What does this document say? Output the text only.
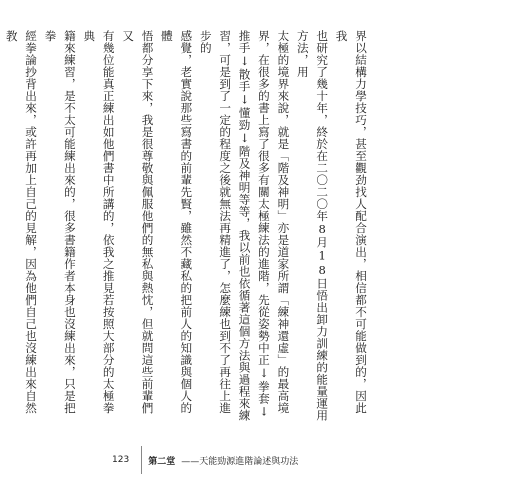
界以結構力學技巧，甚至觀劲找人配合演出，相信都不可能做到的，因此我
也研究了幾十年，終於在二〇二〇年8月18日悟出卸力訓練的能量運用方法，用
太極的境界來說，就是「階及神明」亦是道家所謂「練神還虛」的最高境
界，在很多的書上寫了很多有關太極練法的進階，先從姿勢中正↓拳套↓
推手↓散手↓懂勁↓階及神明等等，我以前也依循著這個方法與過程來練
習，可是到了一定的程度之後就無法再精進了，怎麼練也到不了再往上進步的
感覺，老實說那些寫書的前輩先賢，雖然不藏私的把前人的知識與個人的體
悟都分享下來，我是很尊敬與佩服他們的無私與熱忱，但就問這些前輩們又
有幾位能真正練出如他們書中所講的，依我之推見若按照大部分的太極拳典
籍來練習，是不太可能練出來的，很多書籍作者本身也沒練出來，只是把拳
經拳論抄背出來，或許再加上自己的見解，因為他們自己也沒練出來自然教
123 第二堂 ——天能勁源進階論述與功法
